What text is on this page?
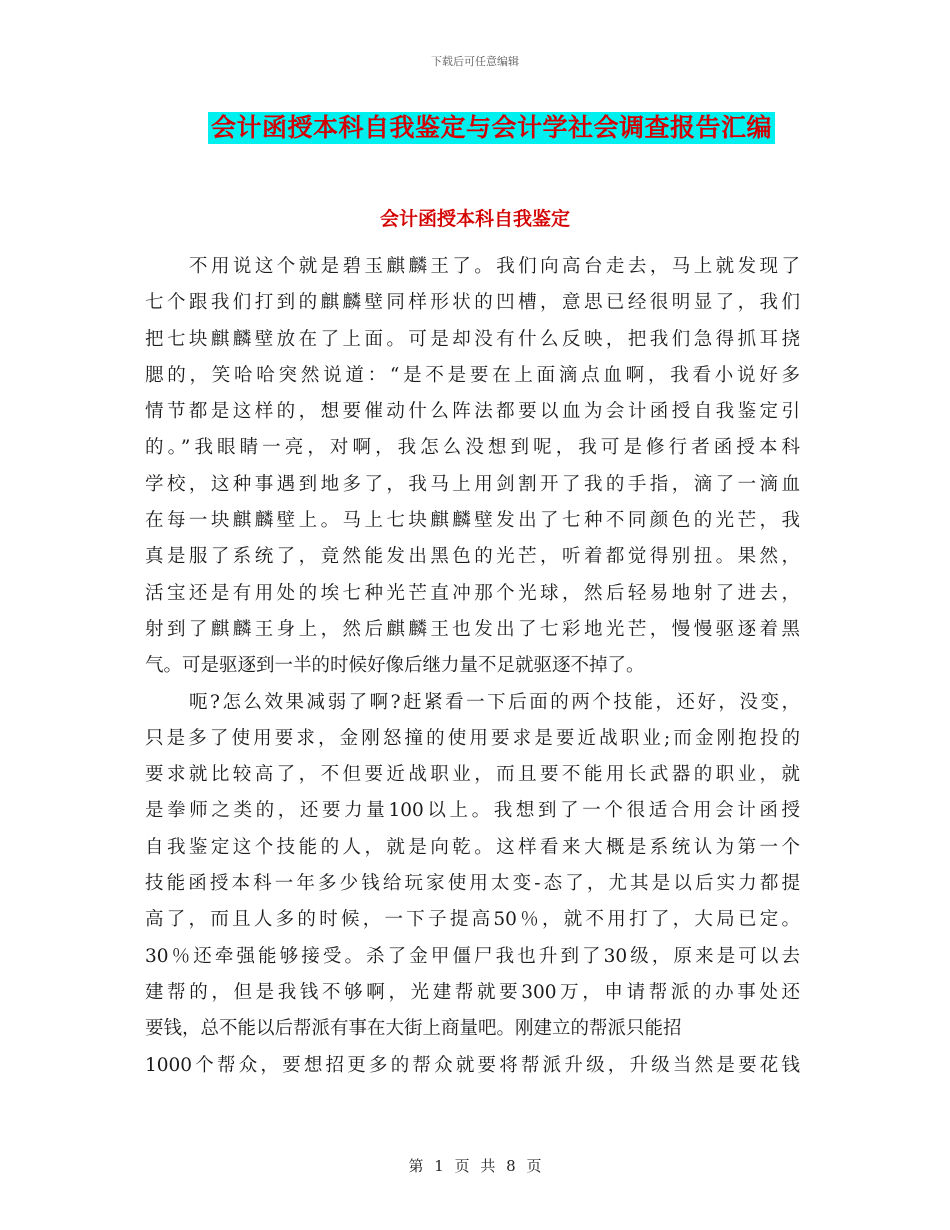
下载后可任意编辑
会计函授本科自我鉴定与会计学社会调查报告汇编
会计函授本科自我鉴定
不用说这个就是碧玉麒麟王了。我们向高台走去，马上就发现了
七个跟我们打到的麒麟壁同样形状的凹槽，意思已经很明显了，我们
把七块麒麟壁放在了上面。可是却没有什么反映，把我们急得抓耳挠
腮的，笑哈哈突然说道：“是不是要在上面滴点血啊，我看小说好多
情节都是这样的，想要催动什么阵法都要以血为会计函授自我鉴定引
的。”我眼睛一亮，对啊，我怎么没想到呢，我可是修行者函授本科
学校，这种事遇到地多了，我马上用剑割开了我的手指，滴了一滴血
在每一块麒麟壁上。马上七块麒麟壁发出了七种不同颜色的光芒，我
真是服了系统了，竟然能发出黑色的光芒，听着都觉得别扭。果然，
活宝还是有用处的埃七种光芒直冲那个光球，然后轻易地射了进去，
射到了麒麟王身上，然后麒麟王也发出了七彩地光芒，慢慢驱逐着黑
气。可是驱逐到一半的时候好像后继力量不足就驱逐不掉了。
呃?怎么效果减弱了啊?赶紧看一下后面的两个技能，还好，没变，
只是多了使用要求，金刚怒撞的使用要求是要近战职业;而金刚抱投的
要求就比较高了，不但要近战职业，而且要不能用长武器的职业，就
是拳师之类的，还要力量100以上。我想到了一个很适合用会计函授
自我鉴定这个技能的人，就是向乾。这样看来大概是系统认为第一个
技能函授本科一年多少钱给玩家使用太变-态了，尤其是以后实力都提
高了，而且人多的时候，一下子提高50％，就不用打了，大局已定。
30％还牵强能够接受。杀了金甲僵尸我也升到了30级，原来是可以去
建帮的，但是我钱不够啊，光建帮就要300万，申请帮派的办事处还
要钱，总不能以后帮派有事在大街上商量吧。刚建立的帮派只能招
1000个帮众，要想招更多的帮众就要将帮派升级，升级当然是要花钱
第 1 页 共 8 页
